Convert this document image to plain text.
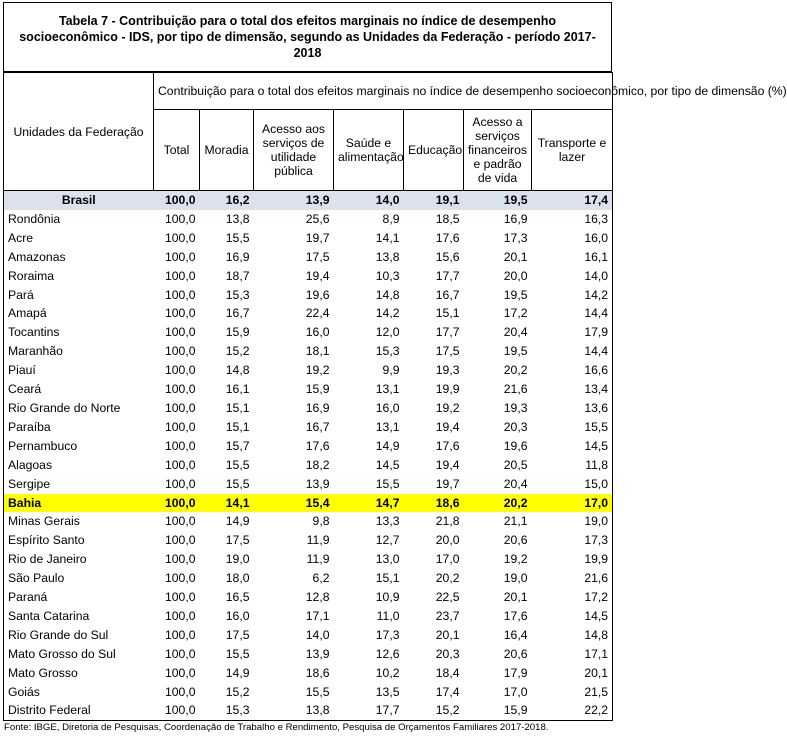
Tabela 7 - Contribuição para o total dos efeitos marginais no índice de desempenho socioeconômico - IDS, por tipo de dimensão, segundo as Unidades da Federação - período 2017-2018
Unidades da Federação	Contribuição para o total dos efeitos marginais no índice de desempenho socioeconômico, por tipo de dimensão (%)						
	Total	Moradia	Acesso aos serviços de utilidade pública	Saúde e alimentação	Educação	Acesso a serviços financeiros e padrão de vida	Transporte e lazer
Brasil	100,0	16,2	13,9	14,0	19,1	19,5	17,4
Rondônia	100,0	13,8	25,6	8,9	18,5	16,9	16,3
Acre	100,0	15,5	19,7	14,1	17,6	17,3	16,0
Amazonas	100,0	16,9	17,5	13,8	15,6	20,1	16,1
Roraima	100,0	18,7	19,4	10,3	17,7	20,0	14,0
Pará	100,0	15,3	19,6	14,8	16,7	19,5	14,2
Amapá	100,0	16,7	22,4	14,2	15,1	17,2	14,4
Tocantins	100,0	15,9	16,0	12,0	17,7	20,4	17,9
Maranhão	100,0	15,2	18,1	15,3	17,5	19,5	14,4
Piauí	100,0	14,8	19,2	9,9	19,3	20,2	16,6
Ceará	100,0	16,1	15,9	13,1	19,9	21,6	13,4
Rio Grande do Norte	100,0	15,1	16,9	16,0	19,2	19,3	13,6
Paraíba	100,0	15,1	16,7	13,1	19,4	20,3	15,5
Pernambuco	100,0	15,7	17,6	14,9	17,6	19,6	14,5
Alagoas	100,0	15,5	18,2	14,5	19,4	20,5	11,8
Sergipe	100,0	15,5	13,9	15,5	19,7	20,4	15,0
Bahia	100,0	14,1	15,4	14,7	18,6	20,2	17,0
Minas Gerais	100,0	14,9	9,8	13,3	21,8	21,1	19,0
Espírito Santo	100,0	17,5	11,9	12,7	20,0	20,6	17,3
Rio de Janeiro	100,0	19,0	11,9	13,0	17,0	19,2	19,9
São Paulo	100,0	18,0	6,2	15,1	20,2	19,0	21,6
Paraná	100,0	16,5	12,8	10,9	22,5	20,1	17,2
Santa Catarina	100,0	16,0	17,1	11,0	23,7	17,6	14,5
Rio Grande do Sul	100,0	17,5	14,0	17,3	20,1	16,4	14,8
Mato Grosso do Sul	100,0	15,5	13,9	12,6	20,3	20,6	17,1
Mato Grosso	100,0	14,9	18,6	10,2	18,4	17,9	20,1
Goiás	100,0	15,2	15,5	13,5	17,4	17,0	21,5
Distrito Federal	100,0	15,3	13,8	17,7	15,2	15,9	22,2
Fonte: IBGE, Diretoria de Pesquisas, Coordenação de Trabalho e Rendimento, Pesquisa de Orçamentos Familiares 2017-2018.
